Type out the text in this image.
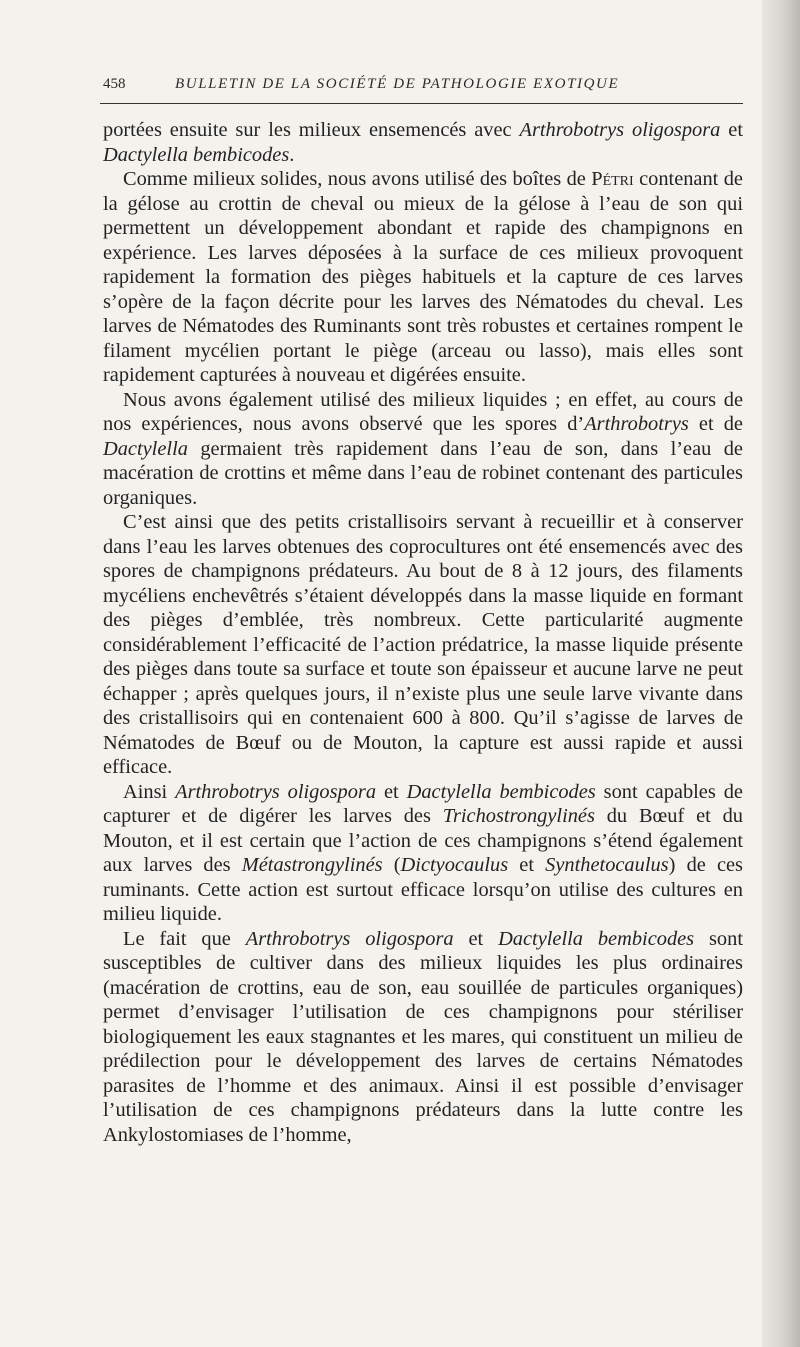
458	BULLETIN DE LA SOCIÉTÉ DE PATHOLOGIE EXOTIQUE

portées ensuite sur les milieux ensemencés avec Arthrobotrys oligospora et Dactylella bembicodes.

Comme milieux solides, nous avons utilisé des boîtes de Pétri contenant de la gélose au crottin de cheval ou mieux de la gélose à l’eau de son qui permettent un développement abondant et rapide des champignons en expérience. Les larves déposées à la surface de ces milieux provoquent rapidement la formation des pièges habituels et la capture de ces larves s’opère de la façon décrite pour les larves des Nématodes du cheval. Les larves de Nématodes des Ruminants sont très robustes et certaines rompent le filament mycélien portant le piège (arceau ou lasso), mais elles sont rapidement capturées à nouveau et digérées ensuite.

Nous avons également utilisé des milieux liquides ; en effet, au cours de nos expériences, nous avons observé que les spores d’Arthrobotrys et de Dactylella germaient très rapidement dans l’eau de son, dans l’eau de macération de crottins et même dans l’eau de robinet contenant des particules organiques.

C’est ainsi que des petits cristallisoirs servant à recueillir et à conserver dans l’eau les larves obtenues des coprocultures ont été ensemencés avec des spores de champignons prédateurs. Au bout de 8 à 12 jours, des filaments mycéliens enchevêtrés s’étaient développés dans la masse liquide en formant des pièges d’emblée, très nombreux. Cette particularité augmente considérablement l’efficacité de l’action prédatrice, la masse liquide présente des pièges dans toute sa surface et toute son épaisseur et aucune larve ne peut échapper ; après quelques jours, il n’existe plus une seule larve vivante dans des cristallisoirs qui en contenaient 600 à 800. Qu’il s’agisse de larves de Nématodes de Bœuf ou de Mouton, la capture est aussi rapide et aussi efficace.

Ainsi Arthrobotrys oligospora et Dactylella bembicodes sont capables de capturer et de digérer les larves des Trichostrongylinés du Bœuf et du Mouton, et il est certain que l’action de ces champignons s’étend également aux larves des Métastrongylinés (Dictyocaulus et Synthetocaulus) de ces ruminants. Cette action est surtout efficace lorsqu’on utilise des cultures en milieu liquide.

Le fait que Arthrobotrys oligospora et Dactylella bembicodes sont susceptibles de cultiver dans des milieux liquides les plus ordinaires (macération de crottins, eau de son, eau souillée de particules organiques) permet d’envisager l’utilisation de ces champignons pour stériliser biologiquement les eaux stagnantes et les mares, qui constituent un milieu de prédilection pour le développement des larves de certains Nématodes parasites de l’homme et des animaux. Ainsi il est possible d’envisager l’utilisation de ces champignons prédateurs dans la lutte contre les Ankylostomiases de l’homme,
